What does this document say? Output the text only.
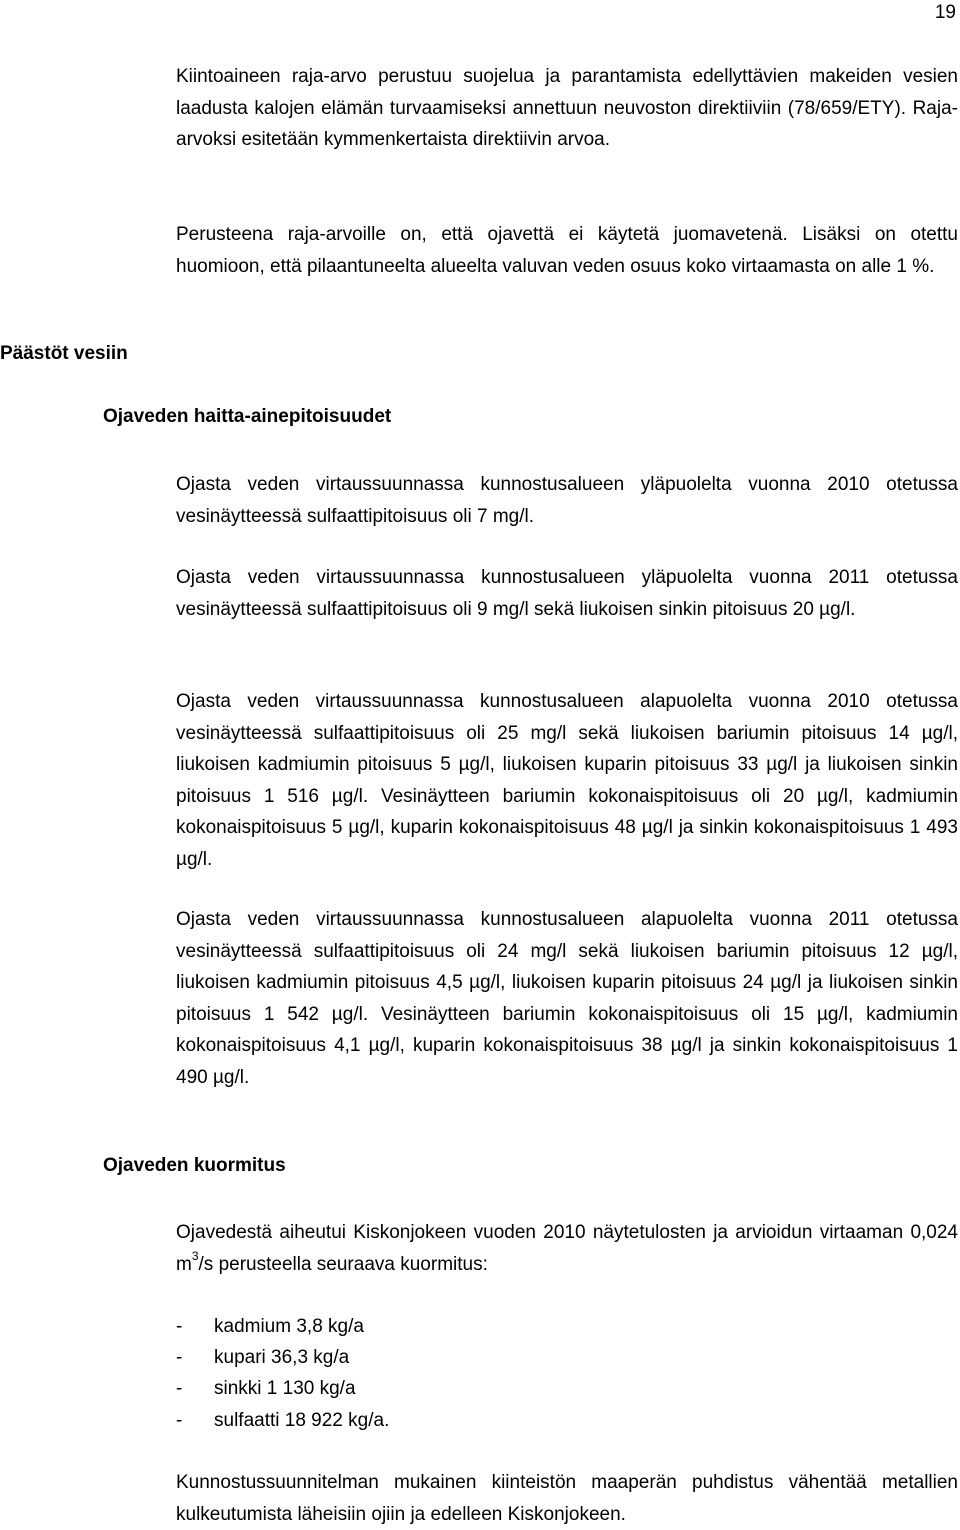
19

Kiintoaineen raja-arvo perustuu suojelua ja parantamista edellyttävien makeiden vesien laadusta kalojen elämän turvaamiseksi annettuun neuvoston direktiiviin (78/659/ETY). Raja-arvoksi esitetään kymmenkertaista direktiivin arvoa.

Perusteena raja-arvoille on, että ojavettä ei käytetä juomavetenä. Lisäksi on otettu huomioon, että pilaantuneelta alueelta valuvan veden osuus koko virtaamasta on alle 1 %.

Päästöt vesiin
Ojaveden haitta-ainepitoisuudet

Ojasta veden virtaussuunnassa kunnostusalueen yläpuolelta vuonna 2010 otetussa vesinäytteessä sulfaattipitoisuus oli 7 mg/l.

Ojasta veden virtaussuunnassa kunnostusalueen yläpuolelta vuonna 2011 otetussa vesinäytteessä sulfaattipitoisuus oli 9 mg/l sekä liukoisen sinkin pitoisuus 20 µg/l.

Ojasta veden virtaussuunnassa kunnostusalueen alapuolelta vuonna 2010 otetussa vesinäytteessä sulfaattipitoisuus oli 25 mg/l sekä liukoisen bariumin pitoisuus 14 µg/l, liukoisen kadmiumin pitoisuus 5 µg/l, liukoisen kuparin pitoisuus 33 µg/l ja liukoisen sinkin pitoisuus 1 516 µg/l. Vesinäytteen bariumin kokonaispitoisuus oli 20 µg/l, kadmiumin kokonaispitoisuus 5 µg/l, kuparin kokonaispitoisuus 48 µg/l ja sinkin kokonaispitoisuus 1 493 µg/l.

Ojasta veden virtaussuunnassa kunnostusalueen alapuolelta vuonna 2011 otetussa vesinäytteessä sulfaattipitoisuus oli 24 mg/l sekä liukoisen bariumin pitoisuus 12 µg/l, liukoisen kadmiumin pitoisuus 4,5 µg/l, liukoisen kuparin pitoisuus 24 µg/l ja liukoisen sinkin pitoisuus 1 542 µg/l. Vesinäytteen bariumin kokonaispitoisuus oli 15 µg/l, kadmiumin kokonaispitoisuus 4,1 µg/l, kuparin kokonaispitoisuus 38 µg/l ja sinkin kokonaispitoisuus 1 490 µg/l.

Ojaveden kuormitus

Ojavedestä aiheutui Kiskonjokeen vuoden 2010 näytetulosten ja arvioidun virtaaman 0,024 $m^3/s$ perusteella seuraava kuormitus:

- kadmium 3,8 kg/a
- kupari 36,3 kg/a
- sinkki 1 130 kg/a
- sulfaatti 18 922 kg/a.

Kunnostussuunnitelman mukainen kiinteistön maaperän puhdistus vähentää metallien kulkeutumista läheisiin ojiin ja edelleen Kiskonjokeen.
